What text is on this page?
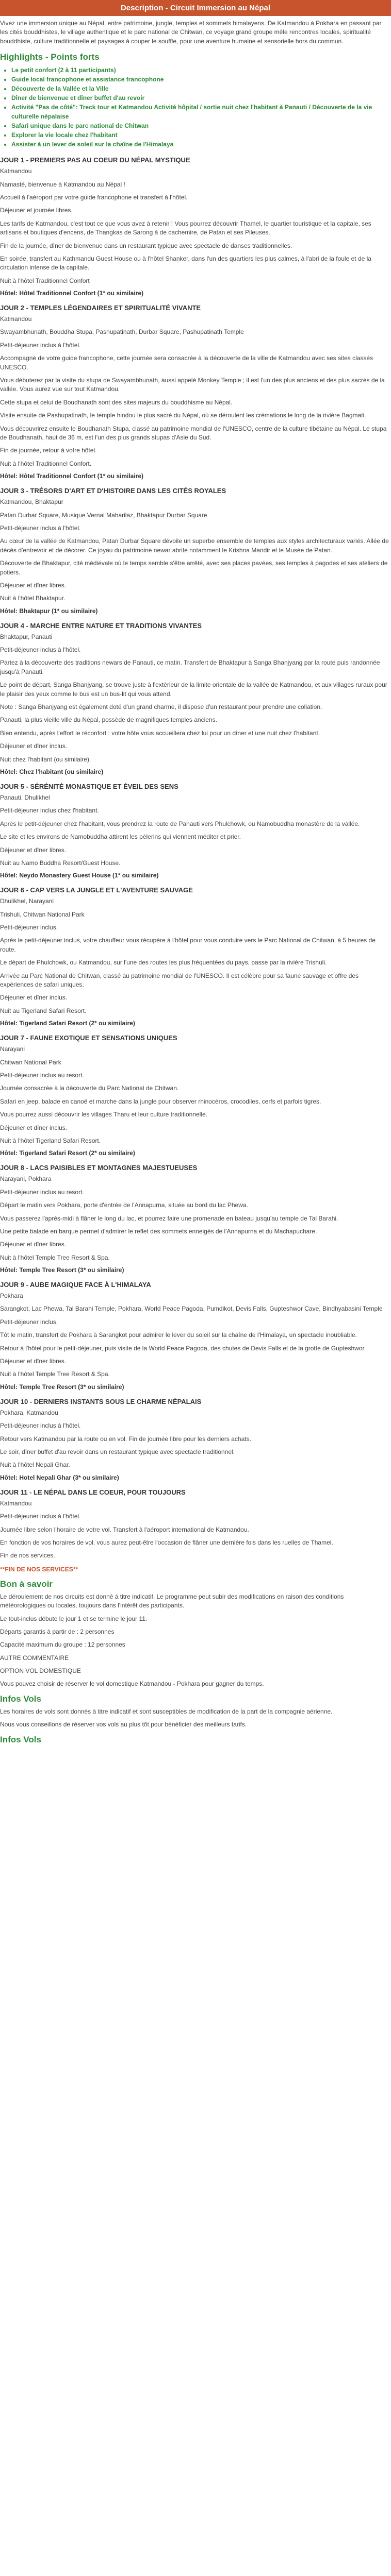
Description - Circuit Immersion au Népal

Vivez une immersion unique au Népal, entre patrimoine, jungle, temples et sommets himalayens. De Katmandou à Pokhara en passant par les cités bouddhistes, le village authentique et le parc national de Chitwan, ce voyage grand groupe mêle rencontres locales, spiritualité bouddhiste, culture traditionnelle et paysages à couper le souffle, pour une aventure humaine et sensorielle hors du commun.

Highlights - Points forts
• Le petit confort (2 à 11 participants)
• Guide local francophone et assistance francophone
• Découverte de la Vallée et la Ville
• Dîner de bienvenue et dîner buffet d'au revoir
• Activité "Pas de côté": Treck tour et Katmandou Activité hôpital / sortie nuit chez l'habitant à Panauti / Découverte de la vie culturelle népalaise
• Safari unique dans le parc national de Chitwan
• Explorer la vie locale chez l'habitant
• Assister à un lever de soleil sur la chaîne de l'Himalaya
JOUR 1 - PREMIERS PAS AU COEUR DU NÉPAL MYSTIQUE

Katmandou

Namasté, bienvenue à Katmandou au Népal !

Accueil à l'aéroport par votre guide francophone et transfert à l'hôtel.

Déjeuner et journée libres.

Les tarifs de Katmandou, c'est tout ce que vous avez à retenir ! Vous pourrez découvrir Thamel, le quartier touristique et la capitale, ses artisans et boutiques d'encens, de Thangkas de Sarong à de cachemire, de Patan et ses Pileuses.

Fin de la journée, dîner de bienvenue dans un restaurant typique avec spectacle de danses traditionnelles.

En soirée, transfert au Kathmandu Guest House ou à l'hôtel Shanker, dans l'un des quartiers les plus calmes, à l'abri de la foule et de la circulation intense de la capitale.

Nuit à l'hôtel Traditionnel Confort

Hôtel: Hôtel Traditionnel Confort (1* ou similaire)
JOUR 2 - TEMPLES LÉGENDAIRES ET SPIRITUALITÉ VIVANTE

Katmandou

Swayambhunath, Bouddha Stupa, Pashupatinath, Durbar Square, Pashupatinath Temple

Petit-déjeuner inclus à l'hôtel.

Accompagné de votre guide francophone, cette journée sera consacrée à la découverte de la ville de Katmandou avec ses sites classés UNESCO.

Vous débuterez par la visite du stupa de Swayambhunath, aussi appelé Monkey Temple ; il est l'un des plus anciens et des plus sacrés de la vallée. Vous aurez vue sur tout Katmandou.

Cette stupa et celui de Boudhanath sont des sites majeurs du bouddhisme au Népal.

Visite ensuite de Pashupatinath, le temple hindou le plus sacré du Népal, où se déroulent les crémations le long de la rivière Bagmati.

Vous découvrirez ensuite le Boudhanath Stupa, classé au patrimoine mondial de l'UNESCO, centre de la culture tibétaine au Népal. Le stupa de Boudhanath, haut de 36 m, est l'un des plus grands stupas d'Asie du Sud.

Fin de journée, retour à votre hôtel.

Nuit à l'hôtel Traditionnel Confort.

Hôtel: Hôtel Traditionnel Confort (1* ou similaire)
JOUR 3 - TRÉSORS D'ART ET D'HISTOIRE DANS LES CITÉS ROYALES

Katmandou, Bhaktapur

Patan Durbar Square, Musique Vernal Maharilaz, Bhaktapur Durbar Square

Petit-déjeuner inclus à l'hôtel.

Au cœur de la vallée de Katmandou, Patan Durbar Square dévoile un superbe ensemble de temples aux styles architecturaux variés. Allée de décès d'entrevoir et de décorer. Ce joyau du patrimoine newar abrite notamment le Krishna Mandir et le Musée de Patan.

Découverte de Bhaktapur, cité médiévale où le temps semble s'être arrêté, avec ses places pavées, ses temples à pagodes et ses ateliers de potiers.

Déjeuner et dîner libres.

Nuit à l'hôtel Bhaktapur.

Hôtel: Bhaktapur (1* ou similaire)
JOUR 4 - MARCHE ENTRE NATURE ET TRADITIONS VIVANTES

Bhaktapur, Panauti

Petit-déjeuner inclus à l'hôtel.

Partez à la découverte des traditions newars de Panauti, ce matin. Transfert de Bhaktapur à Sanga Bhanjyang par la route puis randonnée jusqu'à Panauti.

Le point de départ, Sanga Bhanjyang, se trouve juste à l'extérieur de la limite orientale de la vallée de Katmandou, et aux villages ruraux pour le plaisir des yeux comme le bus est un bus-lit qui vous attend.

Note : Sanga Bhanjyang est également doté d'un grand charme, il dispose d'un restaurant pour prendre une collation.

Panauti, la plus vieille ville du Népal, possède de magnifiques temples anciens.

Bien entendu, après l'effort le réconfort : votre hôte vous accueillera chez lui pour un dîner et une nuit chez l'habitant.

Déjeuner et dîner inclus.

Nuit chez l'habitant (ou similaire).

Hôtel: Chez l'habitant (ou similaire)
JOUR 5 - SÉRÉNITÉ MONASTIQUE ET ÉVEIL DES SENS

Panauti, Dhulikhel

Petit-déjeuner inclus chez l'habitant.

Après le petit-déjeuner chez l'habitant, vous prendrez la route de Panauti vers Phulchowk, ou Namobuddha monastère de la vallée.

Le site et les environs de Namobuddha attirent les pèlerins qui viennent méditer et prier.

Déjeuner et dîner libres.

Nuit au Namo Buddha Resort/Guest House.

Hôtel: Neydo Monastery Guest House (1* ou similaire)
JOUR 6 - CAP VERS LA JUNGLE ET L'AVENTURE SAUVAGE

Dhulikhel, Narayani

Trishuli, Chitwan National Park

Petit-déjeuner inclus.

Après le petit-déjeuner inclus, votre chauffeur vous récupère à l'hôtel pour vous conduire vers le Parc National de Chitwan, à 5 heures de route.

Le départ de Phulchowk, ou Katmandou, sur l'une des routes les plus fréquentées du pays, passe par la rivière Trishuli.

Arrivée au Parc National de Chitwan, classé au patrimoine mondial de l'UNESCO. Il est célèbre pour sa faune sauvage et offre des expériences de safari uniques.

Déjeuner et dîner inclus.

Nuit au Tigerland Safari Resort.

Hôtel: Tigerland Safari Resort (2* ou similaire)
JOUR 7 - FAUNE EXOTIQUE ET SENSATIONS UNIQUES

Narayani

Chitwan National Park

Petit-déjeuner inclus au resort.

Journée consacrée à la découverte du Parc National de Chitwan.

Safari en jeep, balade en canoë et marche dans la jungle pour observer rhinocéros, crocodiles, cerfs et parfois tigres.

Vous pourrez aussi découvrir les villages Tharu et leur culture traditionnelle.

Déjeuner et dîner inclus.

Nuit à l'hôtel Tigerland Safari Resort.

Hôtel: Tigerland Safari Resort (2* ou similaire)
JOUR 8 - LACS PAISIBLES ET MONTAGNES MAJESTUEUSES

Narayani, Pokhara

Petit-déjeuner inclus au resort.

Départ le matin vers Pokhara, porte d'entrée de l'Annapurna, située au bord du lac Phewa.

Vous passerez l'après-midi à flâner le long du lac, et pourrez faire une promenade en bateau jusqu'au temple de Tal Barahi.

Une petite balade en barque permet d'admirer le reflet des sommets enneigés de l'Annapurna et du Machapuchare.

Déjeuner et dîner libres.

Nuit à l'hôtel Temple Tree Resort & Spa.

Hôtel: Temple Tree Resort (3* ou similaire)
JOUR 9 - AUBE MAGIQUE FACE À L'HIMALAYA

Pokhara

Sarangkot, Lac Phewa, Tal Barahi Temple, Pokhara, World Peace Pagoda, Pumdikot, Devis Falls, Gupteshwor Cave, Bindhyabasini Temple

Petit-déjeuner inclus.

Tôt le matin, transfert de Pokhara à Sarangkot pour admirer le lever du soleil sur la chaîne de l'Himalaya, un spectacle inoubliable.

Retour à l'hôtel pour le petit-déjeuner, puis visite de la World Peace Pagoda, des chutes de Devis Falls et de la grotte de Gupteshwor.

Déjeuner et dîner libres.

Nuit à l'hôtel Temple Tree Resort & Spa.

Hôtel: Temple Tree Resort (3* ou similaire)
JOUR 10 - DERNIERS INSTANTS SOUS LE CHARME NÉPALAIS

Pokhara, Katmandou

Petit-déjeuner inclus à l'hôtel.

Retour vers Katmandou par la route ou en vol. Fin de journée libre pour les derniers achats.

Le soir, dîner buffet d'au revoir dans un restaurant typique avec spectacle traditionnel.

Nuit à l'hôtel Nepali Ghar.

Hôtel: Hotel Nepali Ghar (3* ou similaire)
JOUR 11 - LE NÉPAL DANS LE COEUR, POUR TOUJOURS

Katmandou

Petit-déjeuner inclus à l'hôtel.

Journée libre selon l'horaire de votre vol. Transfert à l'aéroport international de Katmandou.

En fonction de vos horaires de vol, vous aurez peut-être l'occasion de flâner une dernière fois dans les ruelles de Thamel.

Fin de nos services.

**FIN DE NOS SERVICES**
Bon à savoir

Le déroulement de nos circuits est donné à titre indicatif. Le programme peut subir des modifications en raison des conditions météorologiques ou locales, toujours dans l'intérêt des participants.

Le tout-inclus débute le jour 1 et se termine le jour 11.

Départs garantis à partir de : 2 personnes

Capacité maximum du groupe : 12 personnes

AUTRE COMMENTAIRE

OPTION VOL DOMESTIQUE

Vous pouvez choisir de réserver le vol domestique Katmandou - Pokhara pour gagner du temps.

Infos Vols

Les horaires de vols sont donnés à titre indicatif et sont susceptibles de modification de la part de la compagnie aérienne.

Nous vous conseillons de réserver vos vols au plus tôt pour bénéficier des meilleurs tarifs.

Infos Vols
